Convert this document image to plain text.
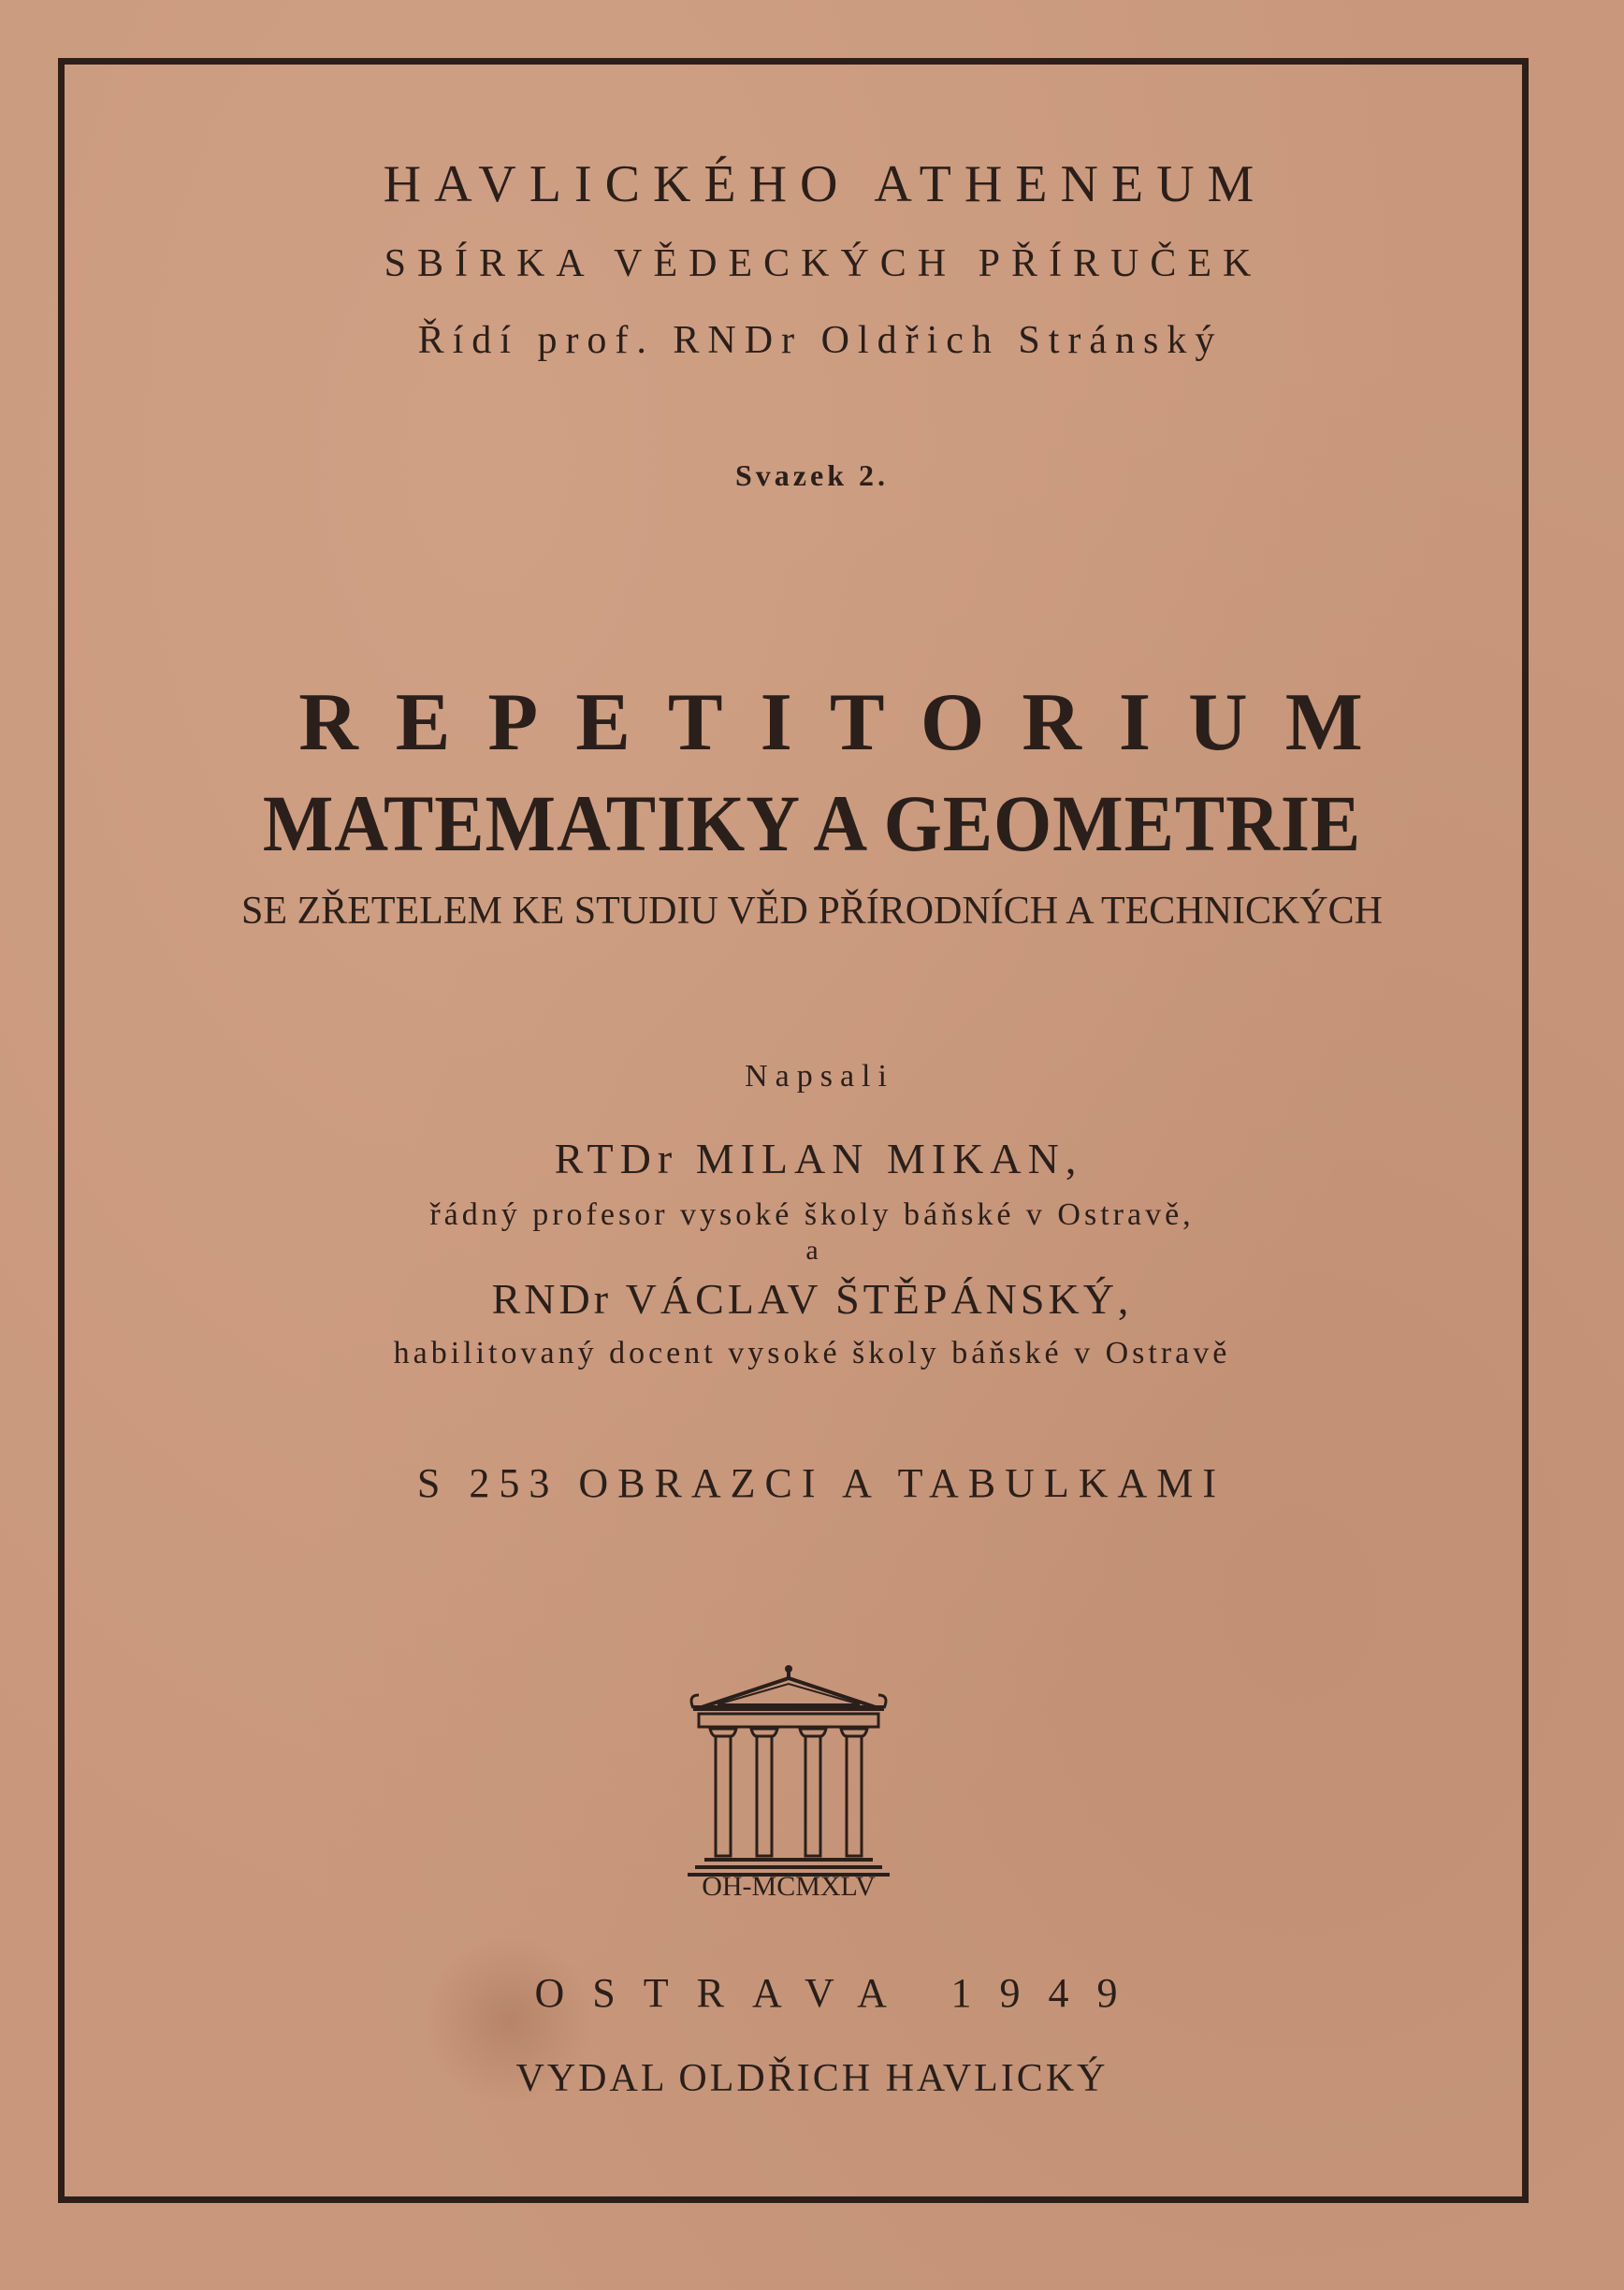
HAVLICKÉHO ATHENEUM
SBÍRKA VĚDECKÝCH PŘÍRUČEK
Řídí prof. RNDr Oldřich Stránský
Svazek 2.
REPETITORIUM
MATEMATIKY A GEOMETRIE
SE ZŘETELEM KE STUDIU VĚD PŘÍRODNÍCH A TECHNICKÝCH
Napsali
RTDr MILAN MIKAN,
řádný profesor vysoké školy báňské v Ostravě,
a
RNDr VÁCLAV ŠTĚPÁNSKÝ,
habilitovaný docent vysoké školy báňské v Ostravě
S 253 OBRAZCI A TABULKAMI
OH-MCMXLV
OSTRAVA 1949
VYDAL OLDŘICH HAVLICKÝ
